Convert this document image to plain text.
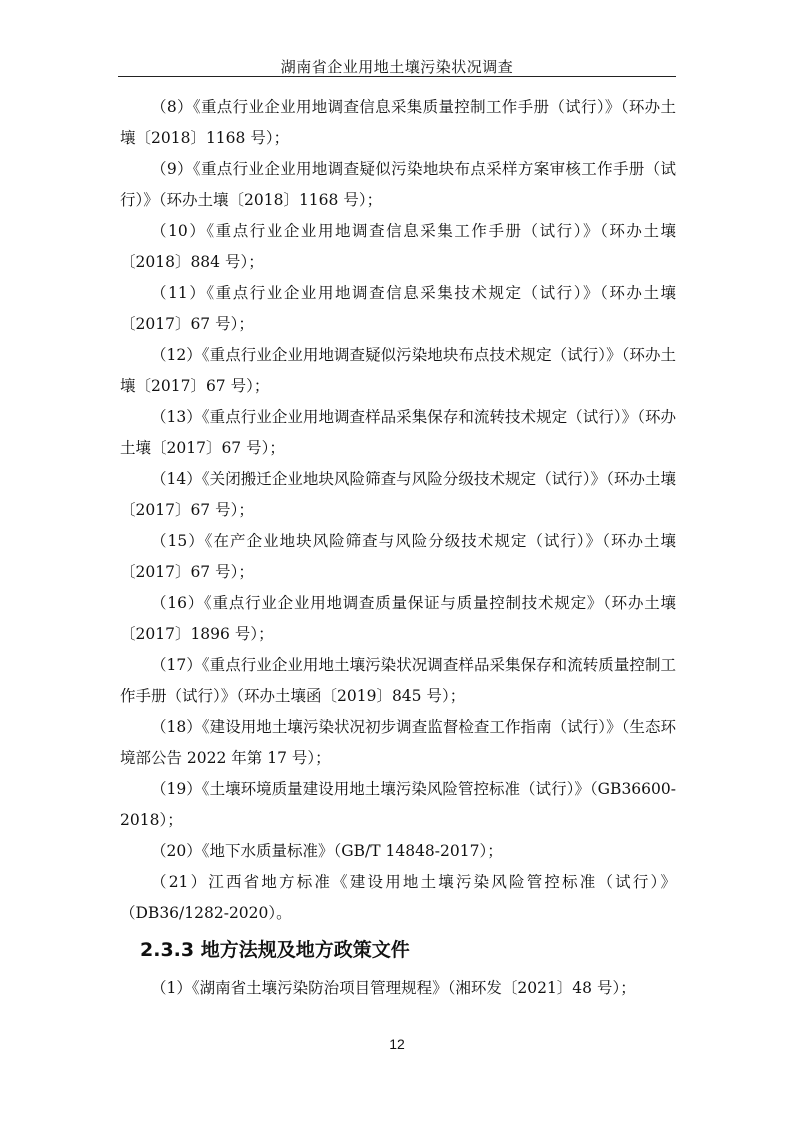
湖南省企业用地土壤污染状况调查

（8）《重点行业企业用地调查信息采集质量控制工作手册（试行）》（环办土壤〔2018〕1168 号）；

（9）《重点行业企业用地调查疑似污染地块布点采样方案审核工作手册（试行）》（环办土壤〔2018〕1168 号）；

（10）《重点行业企业用地调查信息采集工作手册（试行）》（环办土壤〔2018〕884 号）；

（11）《重点行业企业用地调查信息采集技术规定（试行）》（环办土壤〔2017〕67 号）；

（12）《重点行业企业用地调查疑似污染地块布点技术规定（试行）》（环办土壤〔2017〕67 号）；

（13）《重点行业企业用地调查样品采集保存和流转技术规定（试行）》（环办土壤〔2017〕67 号）；

（14）《关闭搬迁企业地块风险筛查与风险分级技术规定（试行）》（环办土壤〔2017〕67 号）；

（15）《在产企业地块风险筛查与风险分级技术规定（试行）》（环办土壤〔2017〕67 号）；

（16）《重点行业企业用地调查质量保证与质量控制技术规定》（环办土壤〔2017〕1896 号）；

（17）《重点行业企业用地土壤污染状况调查样品采集保存和流转质量控制工作手册（试行）》（环办土壤函〔2019〕845 号）；

（18）《建设用地土壤污染状况初步调查监督检查工作指南（试行）》（生态环境部公告 2022 年第 17 号）；

（19）《土壤环境质量建设用地土壤污染风险管控标准（试行）》（GB36600-2018）；

（20）《地下水质量标准》（GB/T 14848-2017）；

（21）江西省地方标准《建设用地土壤污染风险管控标准（试行）》（DB36/1282-2020）。

2.3.3 地方法规及地方政策文件

（1）《湖南省土壤污染防治项目管理规程》（湘环发〔2021〕48 号）；

12
